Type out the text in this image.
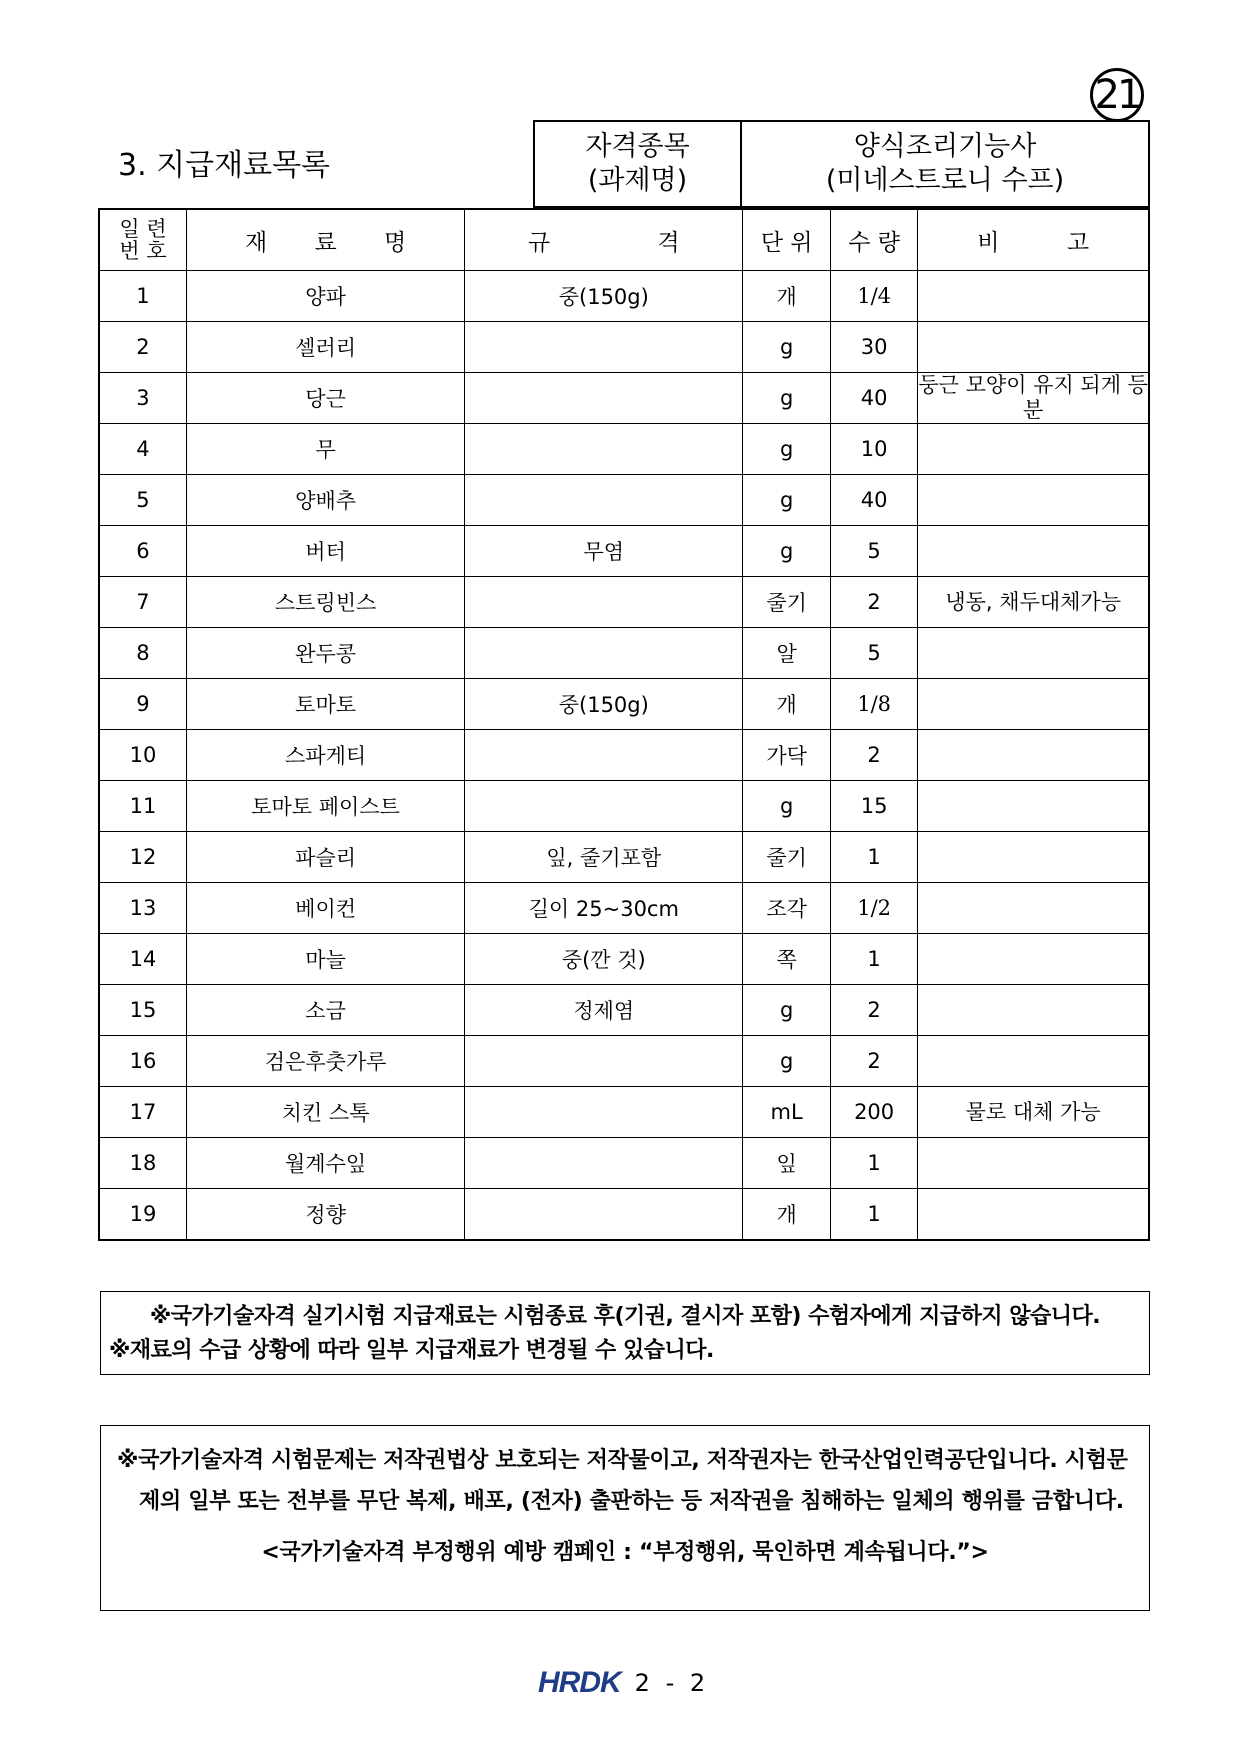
21
3. 지급재료목록
자격종목
(과제명)
양식조리기능사
(미네스트로니 수프)
일 련
번 호	재 료 명	규 격	단 위	수 량	비 고
1	양파	중(150g)	개	1/4	
2	셀러리		g	30	
3	당근		g	40	둥근 모양이 유지 되게 등분
4	무		g	10	
5	양배추		g	40	
6	버터	무염	g	5	
7	스트링빈스		줄기	2	냉동, 채두대체가능
8	완두콩		알	5	
9	토마토	중(150g)	개	1/8	
10	스파게티		가닥	2	
11	토마토 페이스트		g	15	
12	파슬리	잎, 줄기포함	줄기	1	
13	베이컨	길이 25~30cm	조각	1/2	
14	마늘	중(깐 것)	쪽	1	
15	소금	정제염	g	2	
16	검은후춧가루		g	2	
17	치킨 스톡		mL	200	물로 대체 가능
18	월계수잎		잎	1	
19	정향		개	1	
※국가기술자격 실기시험 지급재료는 시험종료 후(기권, 결시자 포함) 수험자에게 지급하지 않습니다.
※재료의 수급 상황에 따라 일부 지급재료가 변경될 수 있습니다.
※국가기술자격 시험문제는 저작권법상 보호되는 저작물이고, 저작권자는 한국산업인력공단입니다. 시험문제의 일부 또는 전부를 무단 복제, 배포, (전자) 출판하는 등 저작권을 침해하는 일체의 행위를 금합니다.
<국가기술자격 부정행위 예방 캠페인 : “부정행위, 묵인하면 계속됩니다.”>
HRDK 2 - 2
